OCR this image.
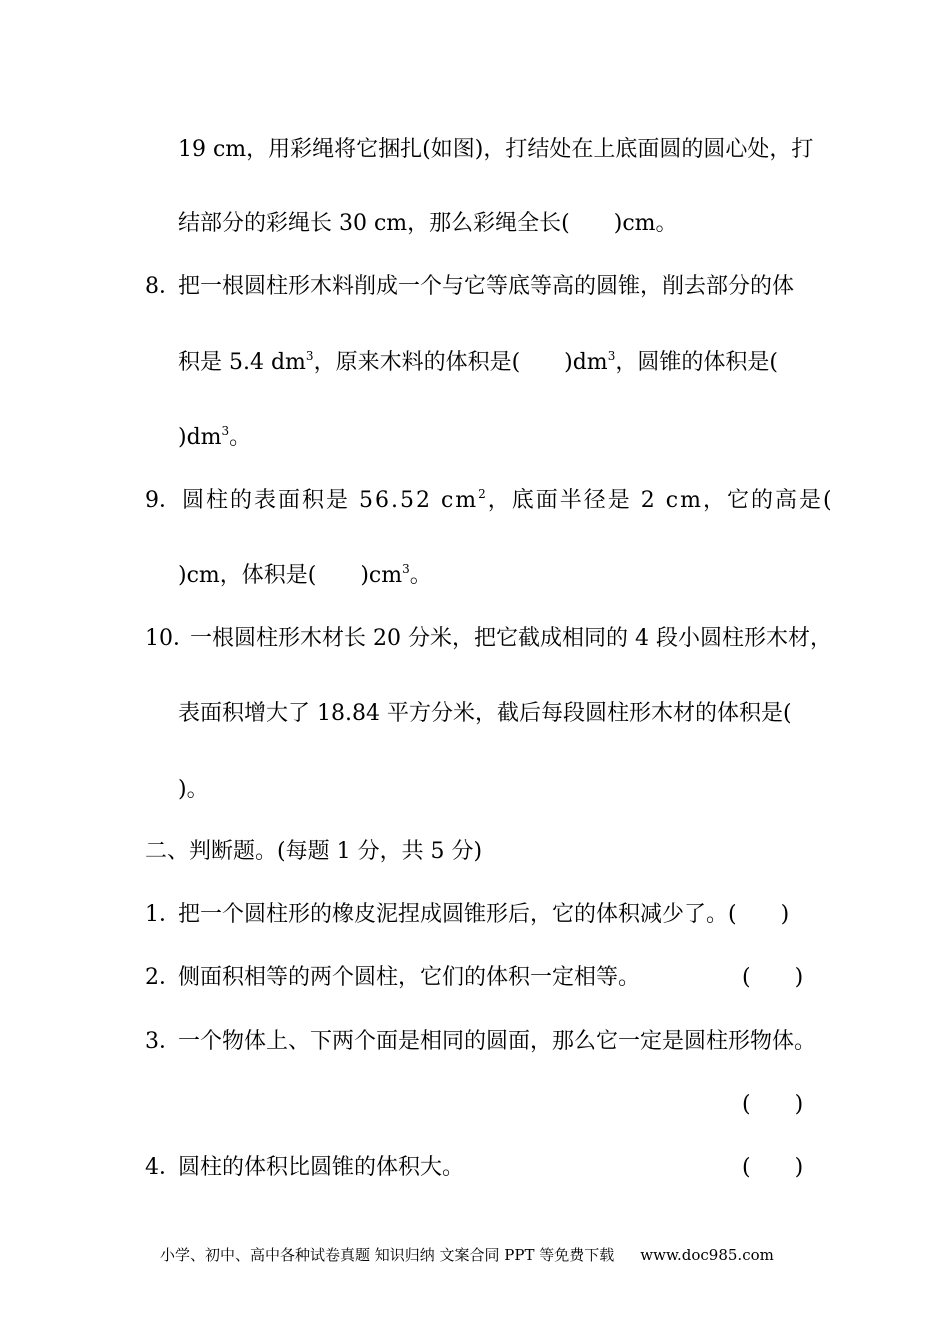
19 cm，用彩绳将它捆扎(如图)，打结处在上底面圆的圆心处，打
结部分的彩绳长 30 cm，那么彩绳全长(　　)cm。
8．
把一根圆柱形木料削成一个与它等底等高的圆锥，削去部分的体
积是 5.4 $dm^3$，原来木料的体积是(　　)$dm^3$，圆锥的体积是(
)$dm^3$。
9． 圆柱的表面积是 56.52 $cm^2$，底面半径是 2 cm，它的高是(
)cm，体积是(　　)$cm^3$。
10．
一根圆柱形木材长 20 分米，把它截成相同的 4 段小圆柱形木材，
表面积增大了 18.84 平方分米，截后每段圆柱形木材的体积是(
)。
二、判断题。(每题 1 分，共 5 分)
1．
把一个圆柱形的橡皮泥捏成圆锥形后，它的体积减少了。(　　)
2．
侧面积相等的两个圆柱，它们的体积一定相等。	(　　)
3．
一个物体上、下两个面是相同的圆面，那么它一定是圆柱形物体。
(　　)
4．
圆柱的体积比圆锥的体积大。	(　　)
小学、初中、高中各种试卷真题 知识归纳 文案合同 PPT 等免费下载 www.doc985.com
